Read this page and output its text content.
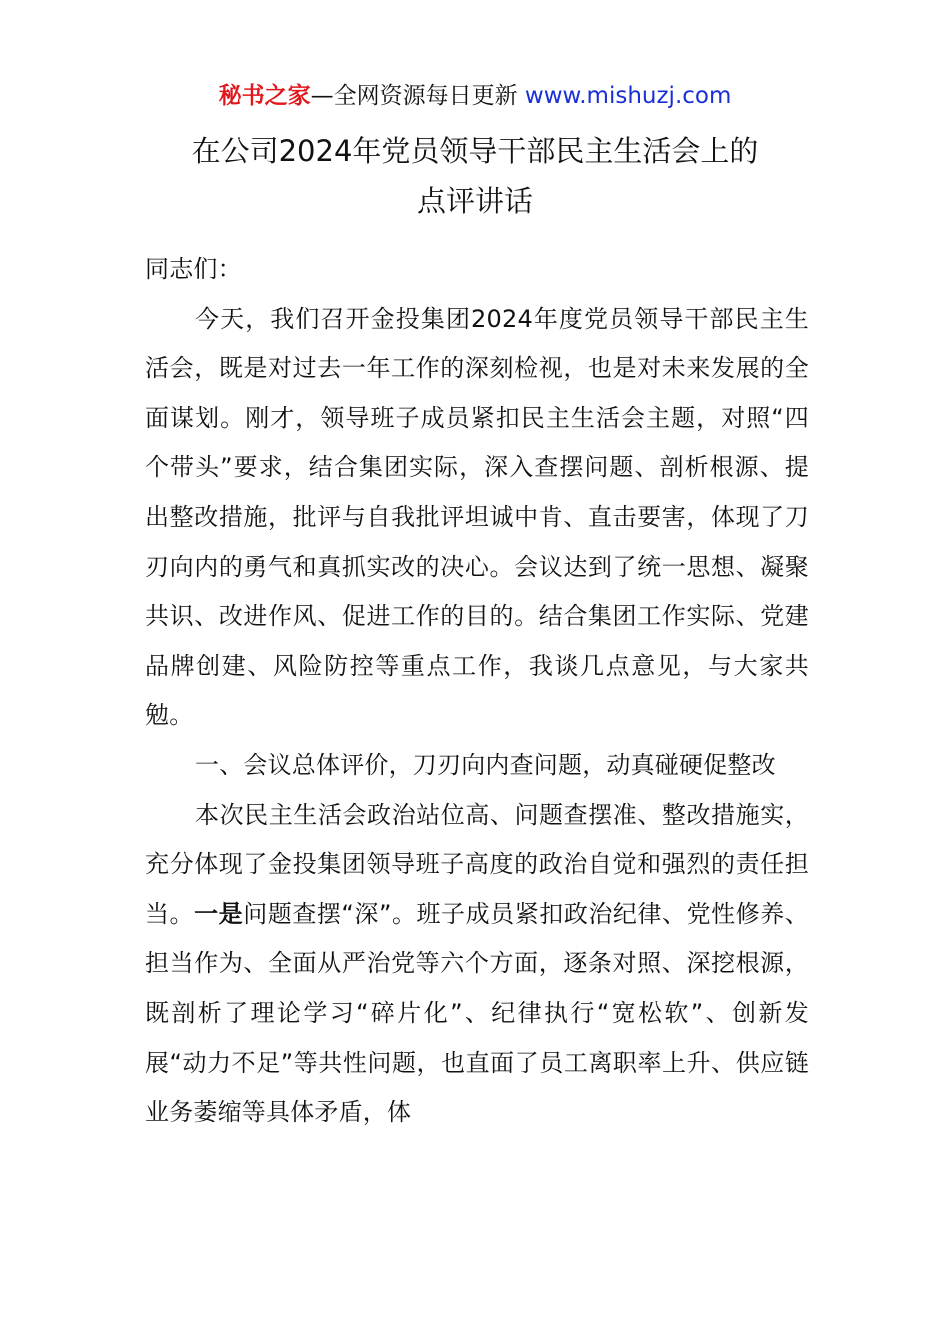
秘书之家—全网资源每日更新 www.mishuzj.com
在公司2024年党员领导干部民主生活会上的
点评讲话

同志们：

今天，我们召开金投集团2024年度党员领导干部民主生活会，既是对过去一年工作的深刻检视，也是对未来发展的全面谋划。刚才，领导班子成员紧扣民主生活会主题，对照“四个带头”要求，结合集团实际，深入查摆问题、剖析根源、提出整改措施，批评与自我批评坦诚中肯、直击要害，体现了刀刃向内的勇气和真抓实改的决心。会议达到了统一思想、凝聚共识、改进作风、促进工作的目的。结合集团工作实际、党建品牌创建、风险防控等重点工作，我谈几点意见，与大家共勉。

一、会议总体评价，刀刃向内查问题，动真碰硬促整改

本次民主生活会政治站位高、问题查摆准、整改措施实，充分体现了金投集团领导班子高度的政治自觉和强烈的责任担当。一是问题查摆“深”。班子成员紧扣政治纪律、党性修养、担当作为、全面从严治党等六个方面，逐条对照、深挖根源，既剖析了理论学习“碎片化”、纪律执行“宽松软”、创新发展“动力不足”等共性问题，也直面了员工离职率上升、供应链业务萎缩等具体矛盾，体
